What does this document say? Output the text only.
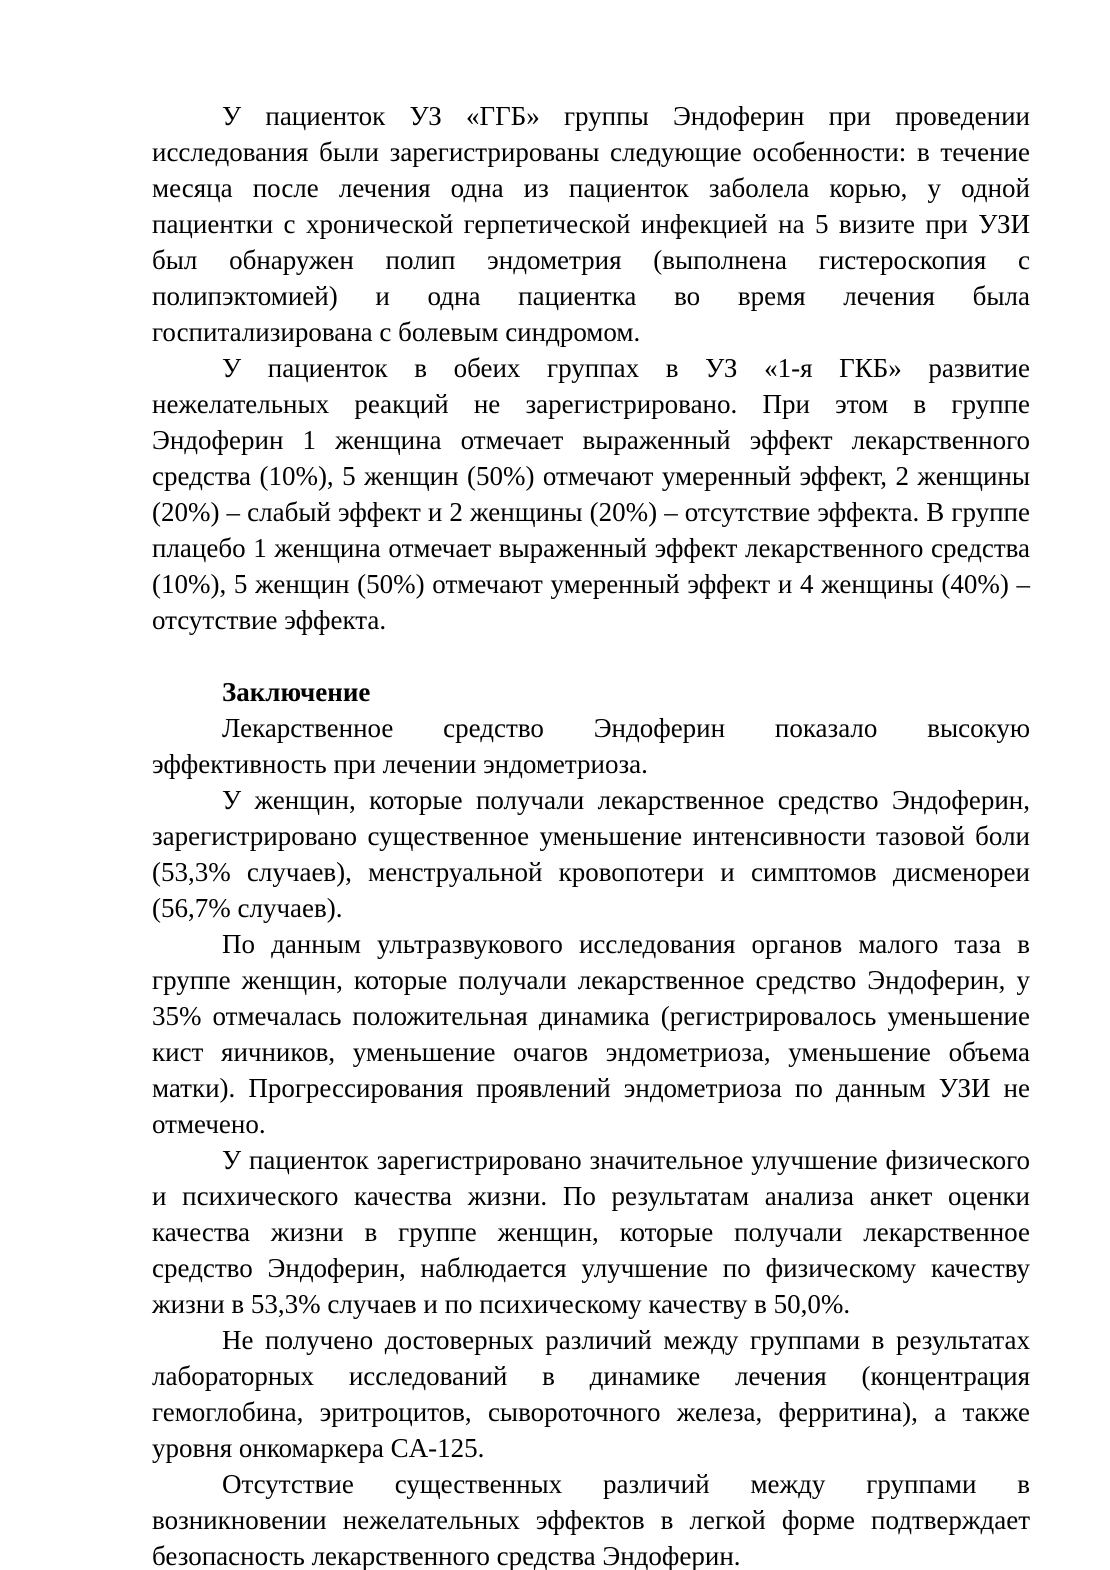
У пациенток УЗ «ГГБ» группы Эндоферин при проведении исследования были зарегистрированы следующие особенности: в течение месяца после лечения одна из пациенток заболела корью, у одной пациентки с хронической герпетической инфекцией на 5 визите при УЗИ был обнаружен полип эндометрия (выполнена гистероскопия с полипэктомией) и одна пациентка во время лечения была госпитализирована с болевым синдромом.

У пациенток в обеих группах в УЗ «1-я ГКБ» развитие нежелательных реакций не зарегистрировано. При этом в группе Эндоферин 1 женщина отмечает выраженный эффект лекарственного средства (10%), 5 женщин (50%) отмечают умеренный эффект, 2 женщины (20%) – слабый эффект и 2 женщины (20%) – отсутствие эффекта. В группе плацебо 1 женщина отмечает выраженный эффект лекарственного средства (10%), 5 женщин (50%) отмечают умеренный эффект и 4 женщины (40%) – отсутствие эффекта.

Заключение

Лекарственное средство Эндоферин показало высокую эффективность при лечении эндометриоза.

У женщин, которые получали лекарственное средство Эндоферин, зарегистрировано существенное уменьшение интенсивности тазовой боли (53,3% случаев), менструальной кровопотери и симптомов дисменореи (56,7% случаев).

По данным ультразвукового исследования органов малого таза в группе женщин, которые получали лекарственное средство Эндоферин, у 35% отмечалась положительная динамика (регистрировалось уменьшение кист яичников, уменьшение очагов эндометриоза, уменьшение объема матки). Прогрессирования проявлений эндометриоза по данным УЗИ не отмечено.

У пациенток зарегистрировано значительное улучшение физического и психического качества жизни. По результатам анализа анкет оценки качества жизни в группе женщин, которые получали лекарственное средство Эндоферин, наблюдается улучшение по физическому качеству жизни в 53,3% случаев и по психическому качеству в 50,0%.

Не получено достоверных различий между группами в результатах лабораторных исследований в динамике лечения (концентрация гемоглобина, эритроцитов, сывороточного железа, ферритина), а также уровня онкомаркера CA-125.

Отсутствие существенных различий между группами в возникновении нежелательных эффектов в легкой форме подтверждает безопасность лекарственного средства Эндоферин.
